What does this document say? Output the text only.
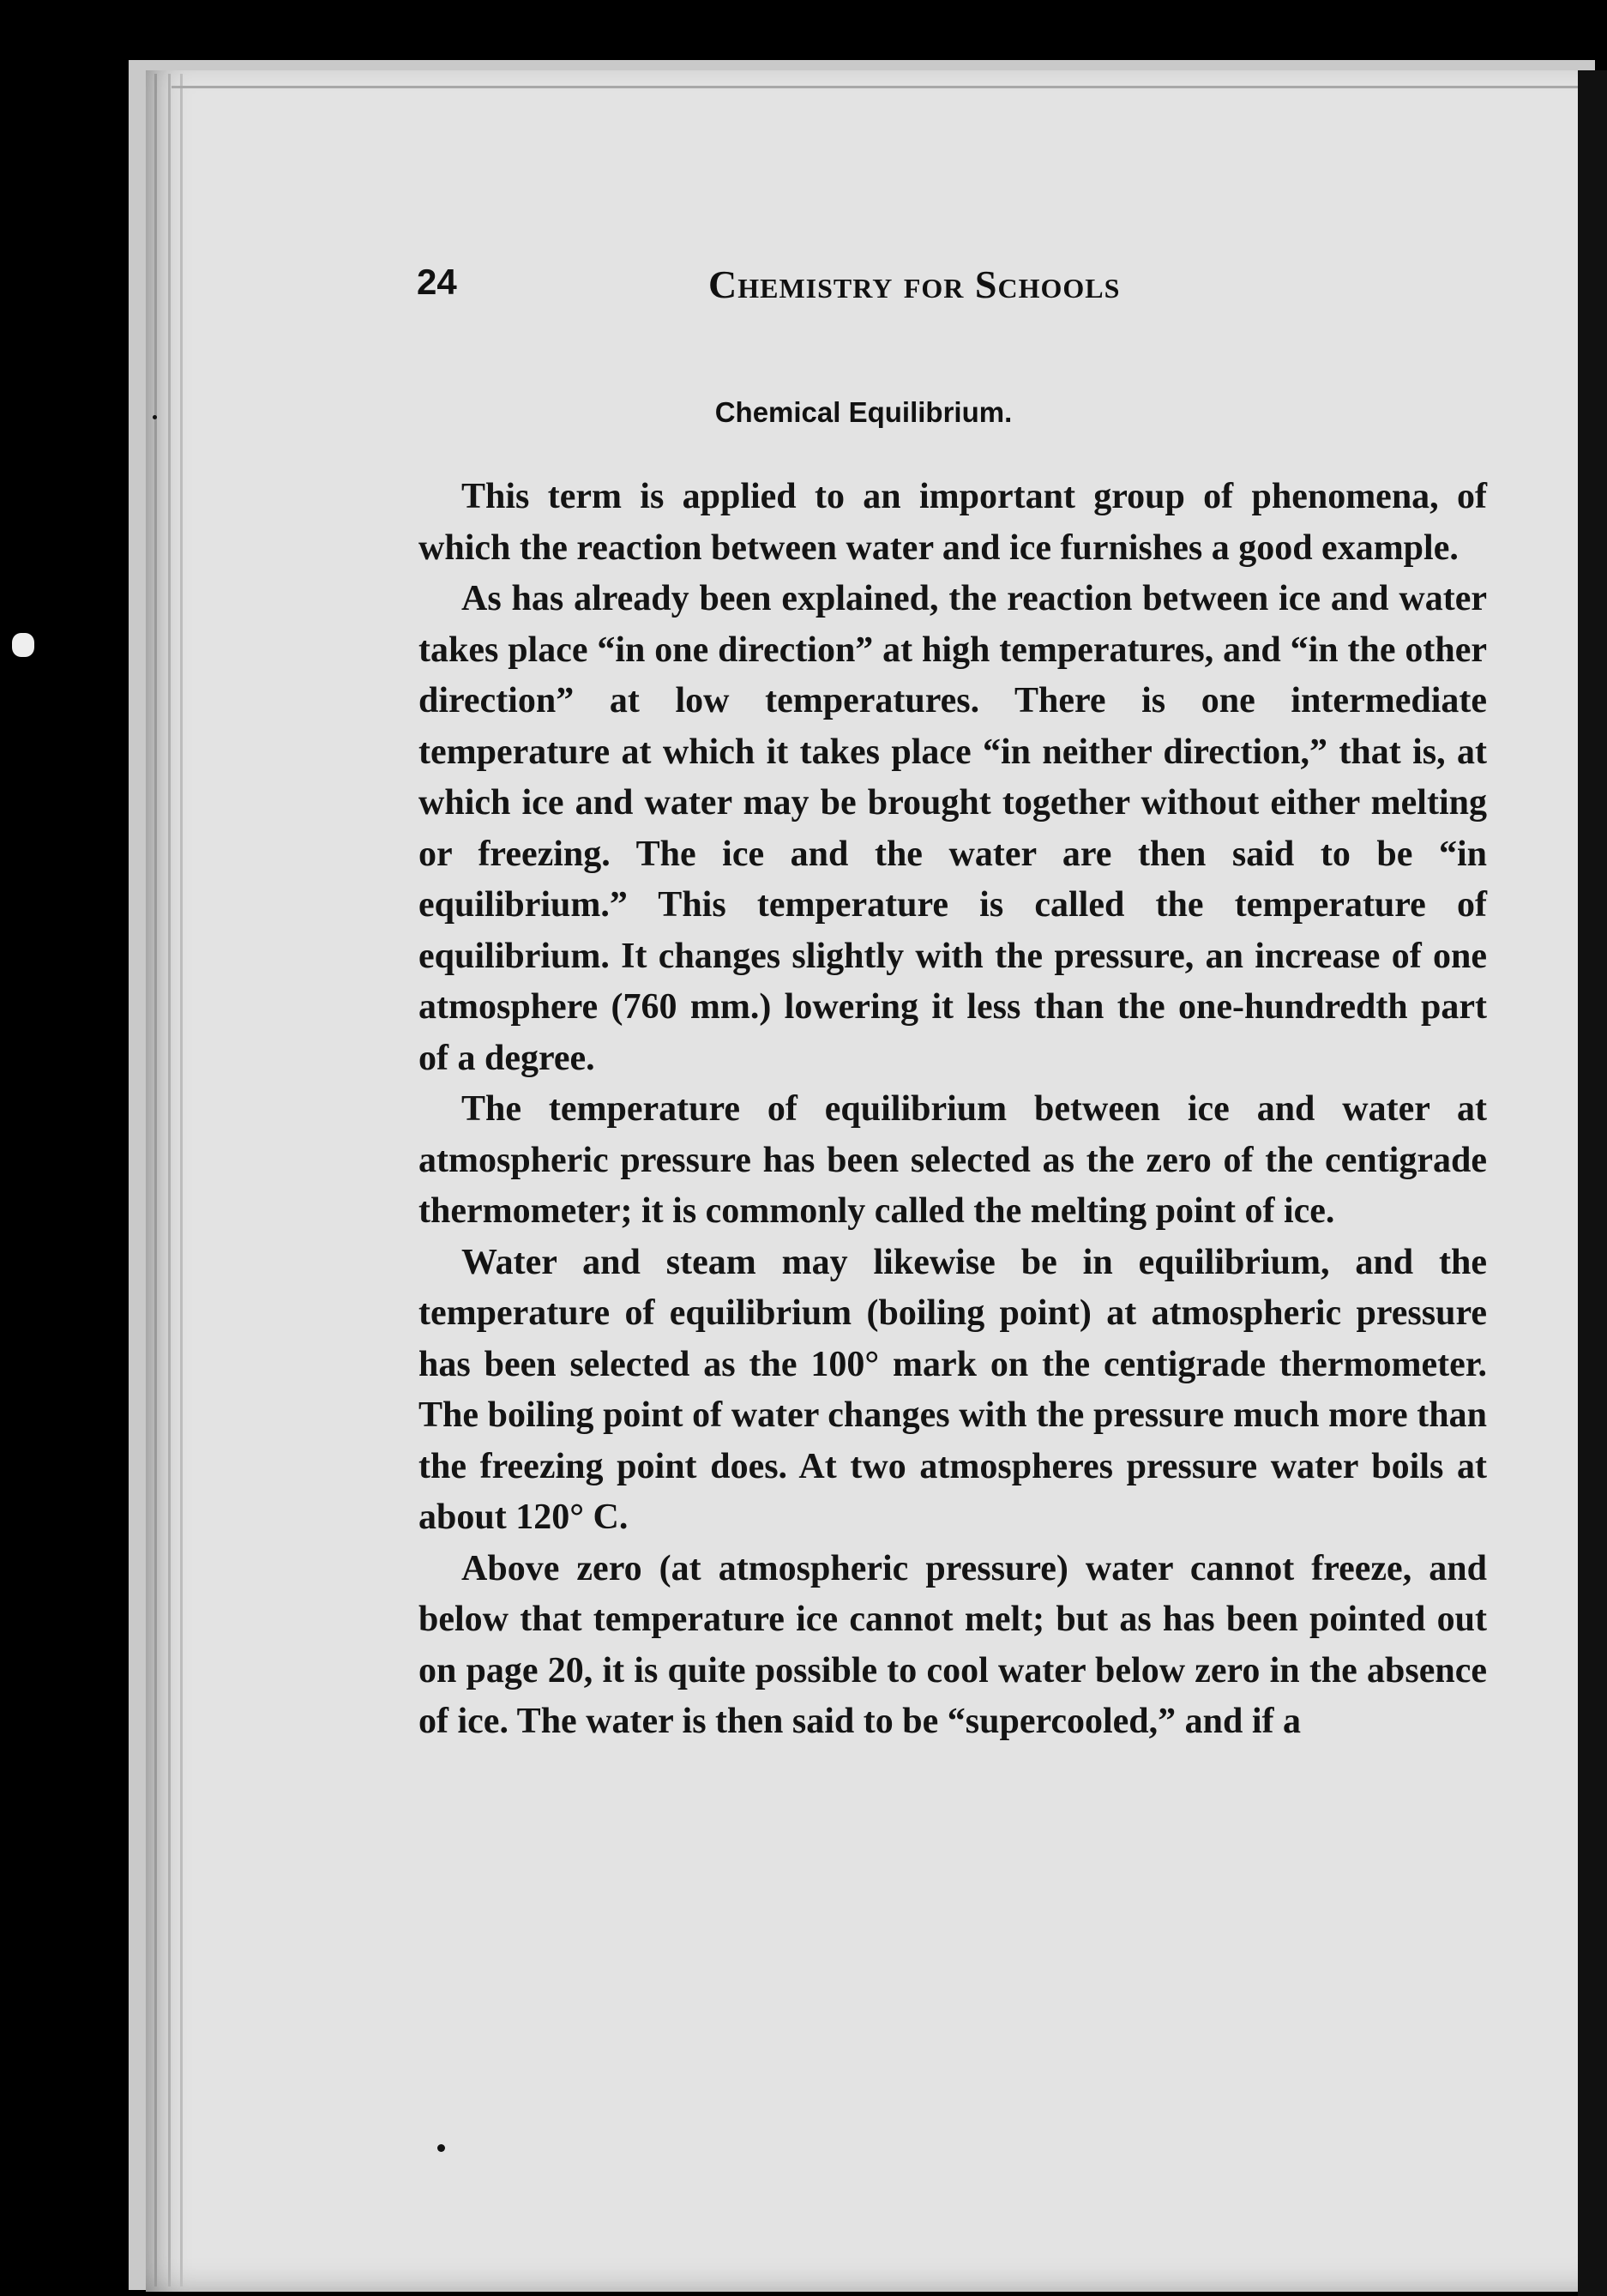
24	Chemistry for Schools
Chemical Equilibrium.

This term is applied to an important group of phenomena, of which the reaction between water and ice furnishes a good example.

As has already been explained, the reaction between ice and water takes place “in one direction” at high temperatures, and “in the other direction” at low temperatures. There is one intermediate temperature at which it takes place “in neither direction,” that is, at which ice and water may be brought together without either melting or freezing. The ice and the water are then said to be “in equilibrium.” This temperature is called the temperature of equilibrium. It changes slightly with the pressure, an increase of one atmosphere (760 mm.) lowering it less than the one-hundredth part of a degree.

The temperature of equilibrium between ice and water at atmospheric pressure has been selected as the zero of the centigrade thermometer; it is commonly called the melting point of ice.

Water and steam may likewise be in equilibrium, and the temperature of equilibrium (boiling point) at atmospheric pressure has been selected as the 100° mark on the centigrade thermometer. The boiling point of water changes with the pressure much more than the freezing point does. At two atmospheres pressure water boils at about 120° C.

Above zero (at atmospheric pressure) water cannot freeze, and below that temperature ice cannot melt; but as has been pointed out on page 20, it is quite possible to cool water below zero in the absence of ice. The water is then said to be “supercooled,” and if a
